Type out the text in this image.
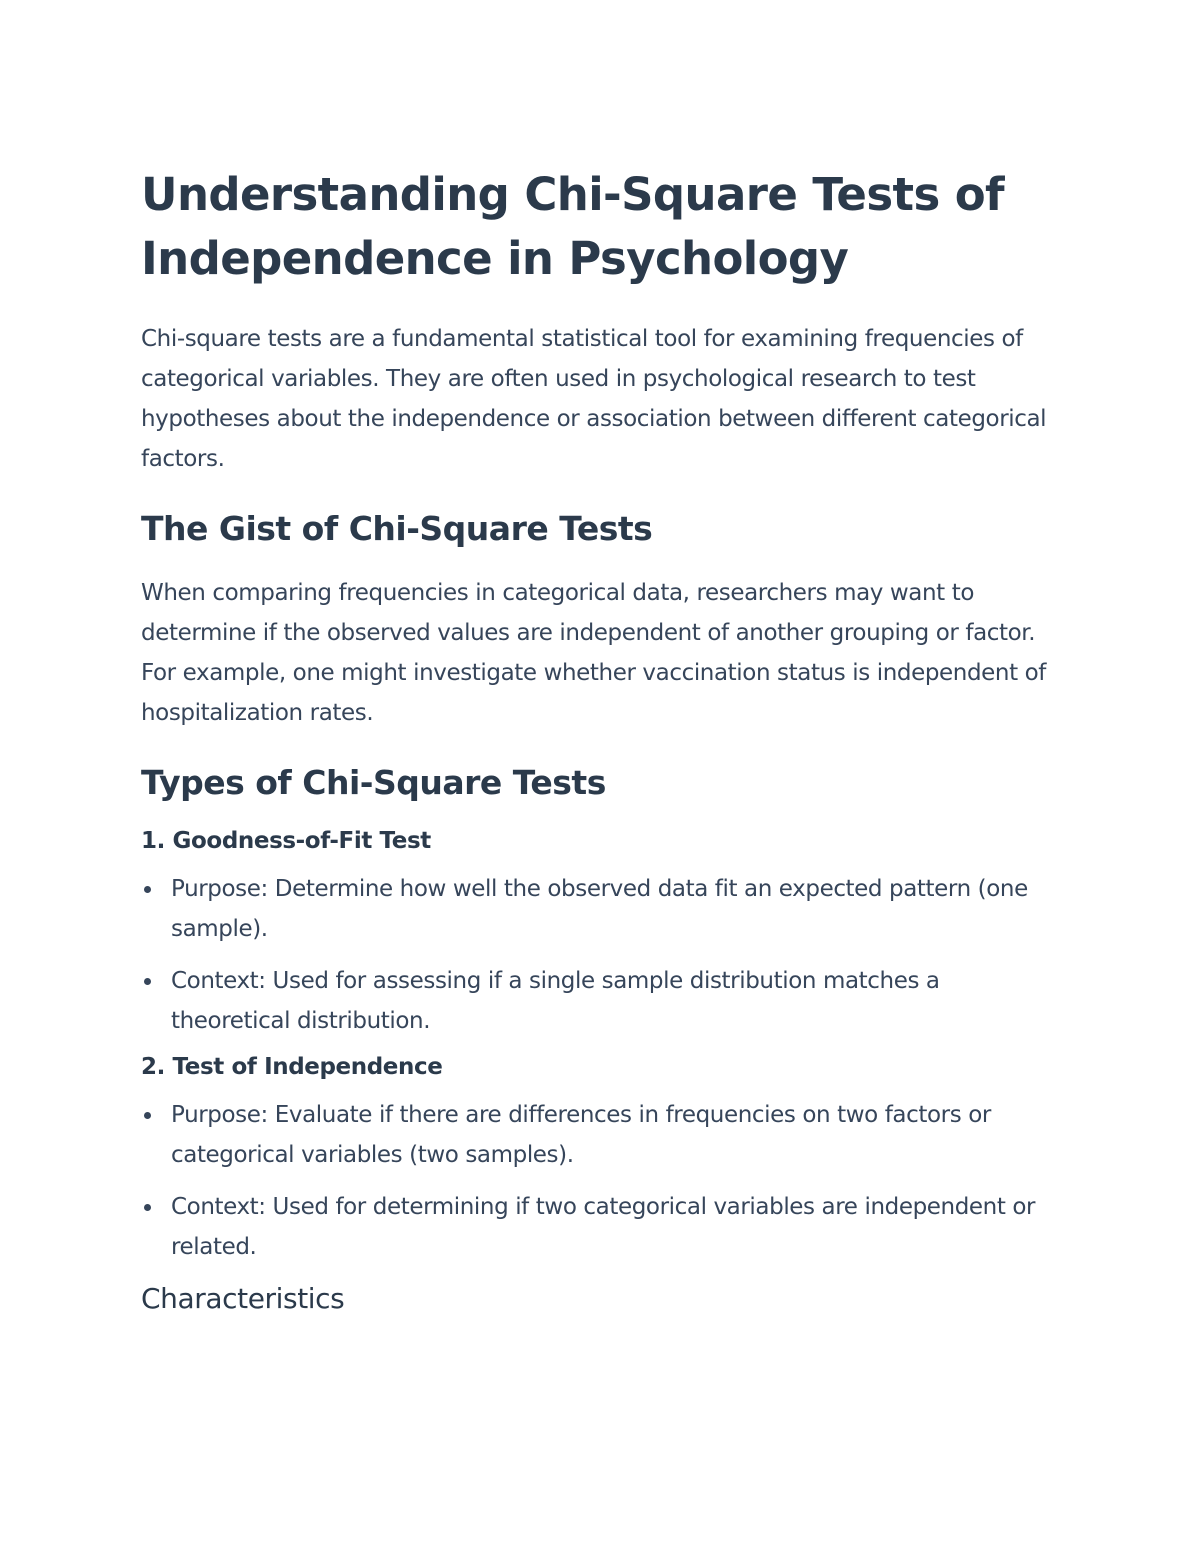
Understanding Chi-Square Tests of Independence in Psychology

Chi-square tests are a fundamental statistical tool for examining frequencies of categorical variables. They are often used in psychological research to test hypotheses about the independence or association between different categorical factors.

The Gist of Chi-Square Tests

When comparing frequencies in categorical data, researchers may want to determine if the observed values are independent of another grouping or factor. For example, one might investigate whether vaccination status is independent of hospitalization rates.

Types of Chi-Square Tests
1. Goodness-of-Fit Test
Purpose: Determine how well the observed data fit an expected pattern (one sample).
Context: Used for assessing if a single sample distribution matches a theoretical distribution.
2. Test of Independence
Purpose: Evaluate if there are differences in frequencies on two factors or categorical variables (two samples).
Context: Used for determining if two categorical variables are independent or related.
Characteristics
